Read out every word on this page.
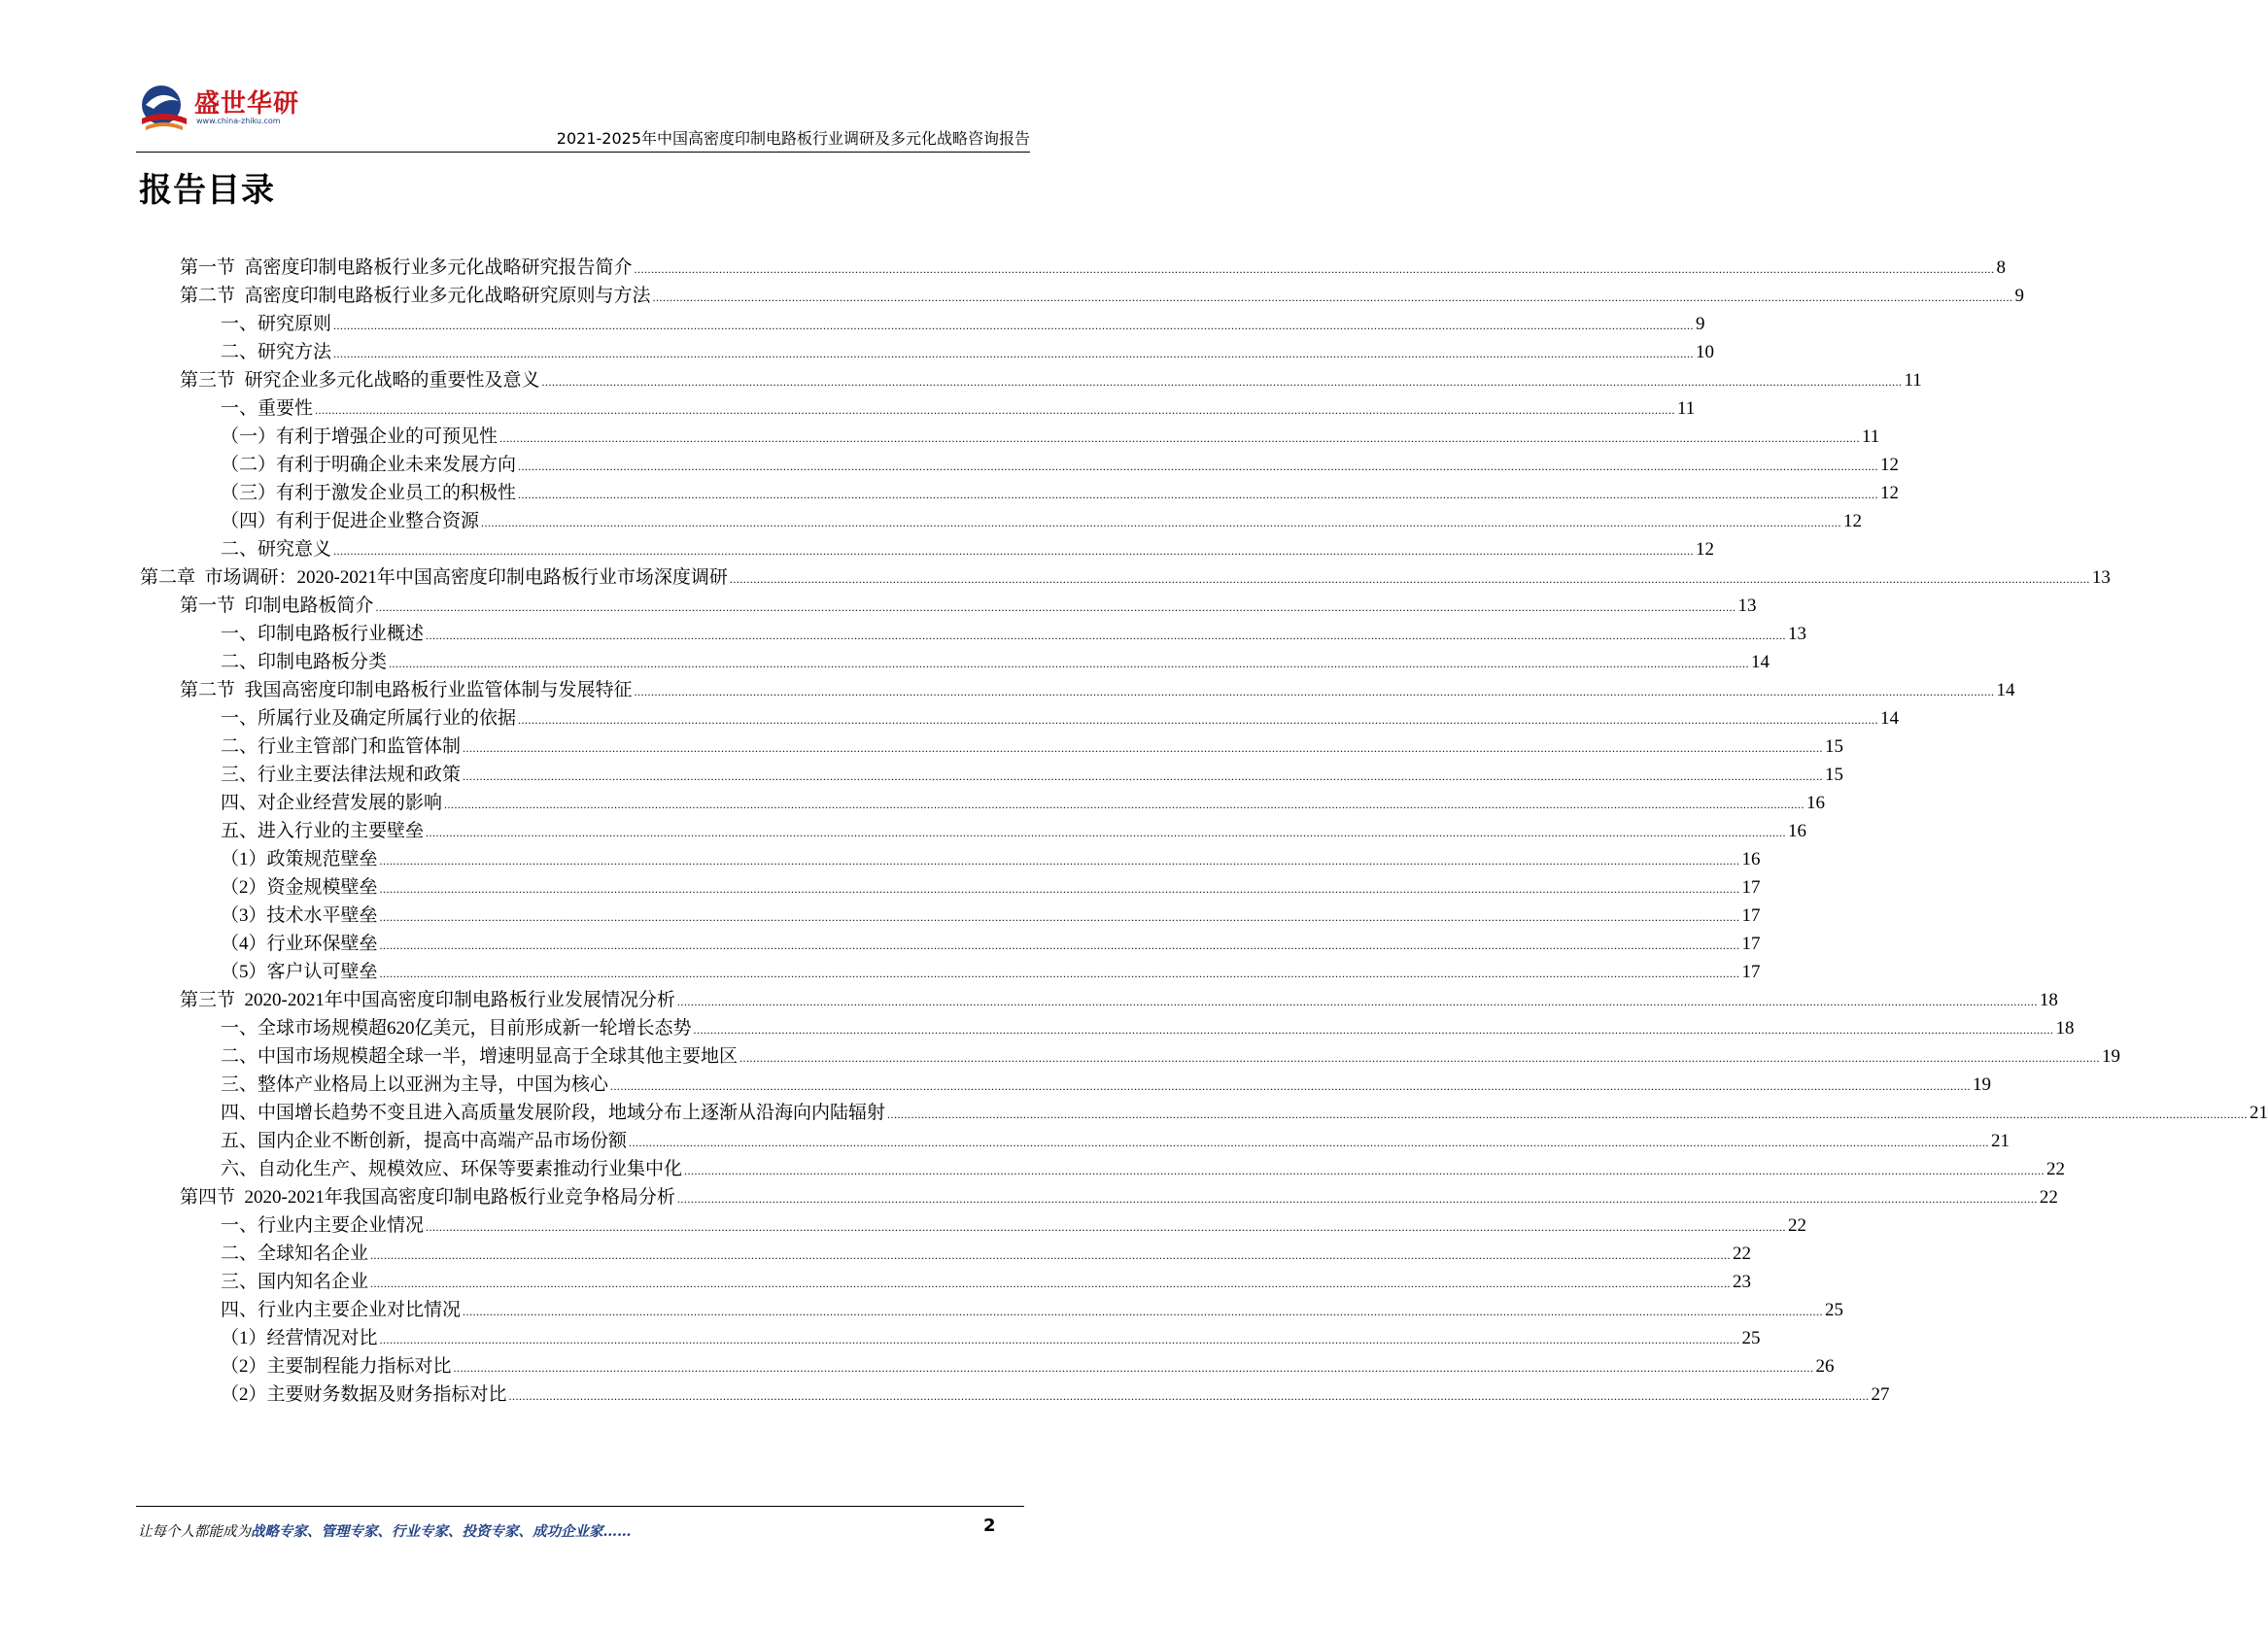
盛世华研
www.china-zhiku.com
2021-2025年中国高密度印制电路板行业调研及多元化战略咨询报告
报告目录
第一节  高密度印制电路板行业多元化战略研究报告简介 ................................................................................................................................................................................................................................................................................................................................................................................................................ 8
第二节  高密度印制电路板行业多元化战略研究原则与方法 ................................................................................................................................................................................................................................................................................................................................................................................................................ 9
一、研究原则 ................................................................................................................................................................................................................................................................................................................................................................................................................ 9
二、研究方法 ................................................................................................................................................................................................................................................................................................................................................................................................................ 10
第三节  研究企业多元化战略的重要性及意义 ................................................................................................................................................................................................................................................................................................................................................................................................................ 11
一、重要性 ................................................................................................................................................................................................................................................................................................................................................................................................................ 11
（一）有利于增强企业的可预见性 ................................................................................................................................................................................................................................................................................................................................................................................................................ 11
（二）有利于明确企业未来发展方向 ................................................................................................................................................................................................................................................................................................................................................................................................................ 12
（三）有利于激发企业员工的积极性 ................................................................................................................................................................................................................................................................................................................................................................................................................ 12
（四）有利于促进企业整合资源 ................................................................................................................................................................................................................................................................................................................................................................................................................ 12
二、研究意义 ................................................................................................................................................................................................................................................................................................................................................................................................................ 12
第二章  市场调研：2020-2021年中国高密度印制电路板行业市场深度调研 ................................................................................................................................................................................................................................................................................................................................................................................................................ 13
第一节  印制电路板简介 ................................................................................................................................................................................................................................................................................................................................................................................................................ 13
一、印制电路板行业概述 ................................................................................................................................................................................................................................................................................................................................................................................................................ 13
二、印制电路板分类 ................................................................................................................................................................................................................................................................................................................................................................................................................ 14
第二节  我国高密度印制电路板行业监管体制与发展特征 ................................................................................................................................................................................................................................................................................................................................................................................................................ 14
一、所属行业及确定所属行业的依据 ................................................................................................................................................................................................................................................................................................................................................................................................................ 14
二、行业主管部门和监管体制 ................................................................................................................................................................................................................................................................................................................................................................................................................ 15
三、行业主要法律法规和政策 ................................................................................................................................................................................................................................................................................................................................................................................................................ 15
四、对企业经营发展的影响 ................................................................................................................................................................................................................................................................................................................................................................................................................ 16
五、进入行业的主要壁垒 ................................................................................................................................................................................................................................................................................................................................................................................................................ 16
（1）政策规范壁垒 ................................................................................................................................................................................................................................................................................................................................................................................................................ 16
（2）资金规模壁垒 ................................................................................................................................................................................................................................................................................................................................................................................................................ 17
（3）技术水平壁垒 ................................................................................................................................................................................................................................................................................................................................................................................................................ 17
（4）行业环保壁垒 ................................................................................................................................................................................................................................................................................................................................................................................................................ 17
（5）客户认可壁垒 ................................................................................................................................................................................................................................................................................................................................................................................................................ 17
第三节  2020-2021年中国高密度印制电路板行业发展情况分析 ................................................................................................................................................................................................................................................................................................................................................................................................................ 18
一、全球市场规模超620亿美元，目前形成新一轮增长态势 ................................................................................................................................................................................................................................................................................................................................................................................................................ 18
二、中国市场规模超全球一半，增速明显高于全球其他主要地区 ................................................................................................................................................................................................................................................................................................................................................................................................................ 19
三、整体产业格局上以亚洲为主导，中国为核心 ................................................................................................................................................................................................................................................................................................................................................................................................................ 19
四、中国增长趋势不变且进入高质量发展阶段，地域分布上逐渐从沿海向内陆辐射 ................................................................................................................................................................................................................................................................................................................................................................................................................ 21
五、国内企业不断创新，提高中高端产品市场份额 ................................................................................................................................................................................................................................................................................................................................................................................................................ 21
六、自动化生产、规模效应、环保等要素推动行业集中化 ................................................................................................................................................................................................................................................................................................................................................................................................................ 22
第四节  2020-2021年我国高密度印制电路板行业竞争格局分析 ................................................................................................................................................................................................................................................................................................................................................................................................................ 22
一、行业内主要企业情况 ................................................................................................................................................................................................................................................................................................................................................................................................................ 22
二、全球知名企业 ................................................................................................................................................................................................................................................................................................................................................................................................................ 22
三、国内知名企业 ................................................................................................................................................................................................................................................................................................................................................................................................................ 23
四、行业内主要企业对比情况 ................................................................................................................................................................................................................................................................................................................................................................................................................ 25
（1）经营情况对比 ................................................................................................................................................................................................................................................................................................................................................................................................................ 25
（2）主要制程能力指标对比 ................................................................................................................................................................................................................................................................................................................................................................................................................ 26
（2）主要财务数据及财务指标对比 ................................................................................................................................................................................................................................................................................................................................................................................................................ 27
让每个人都能成为战略专家、管理专家、行业专家、投资专家、成功企业家……	2
